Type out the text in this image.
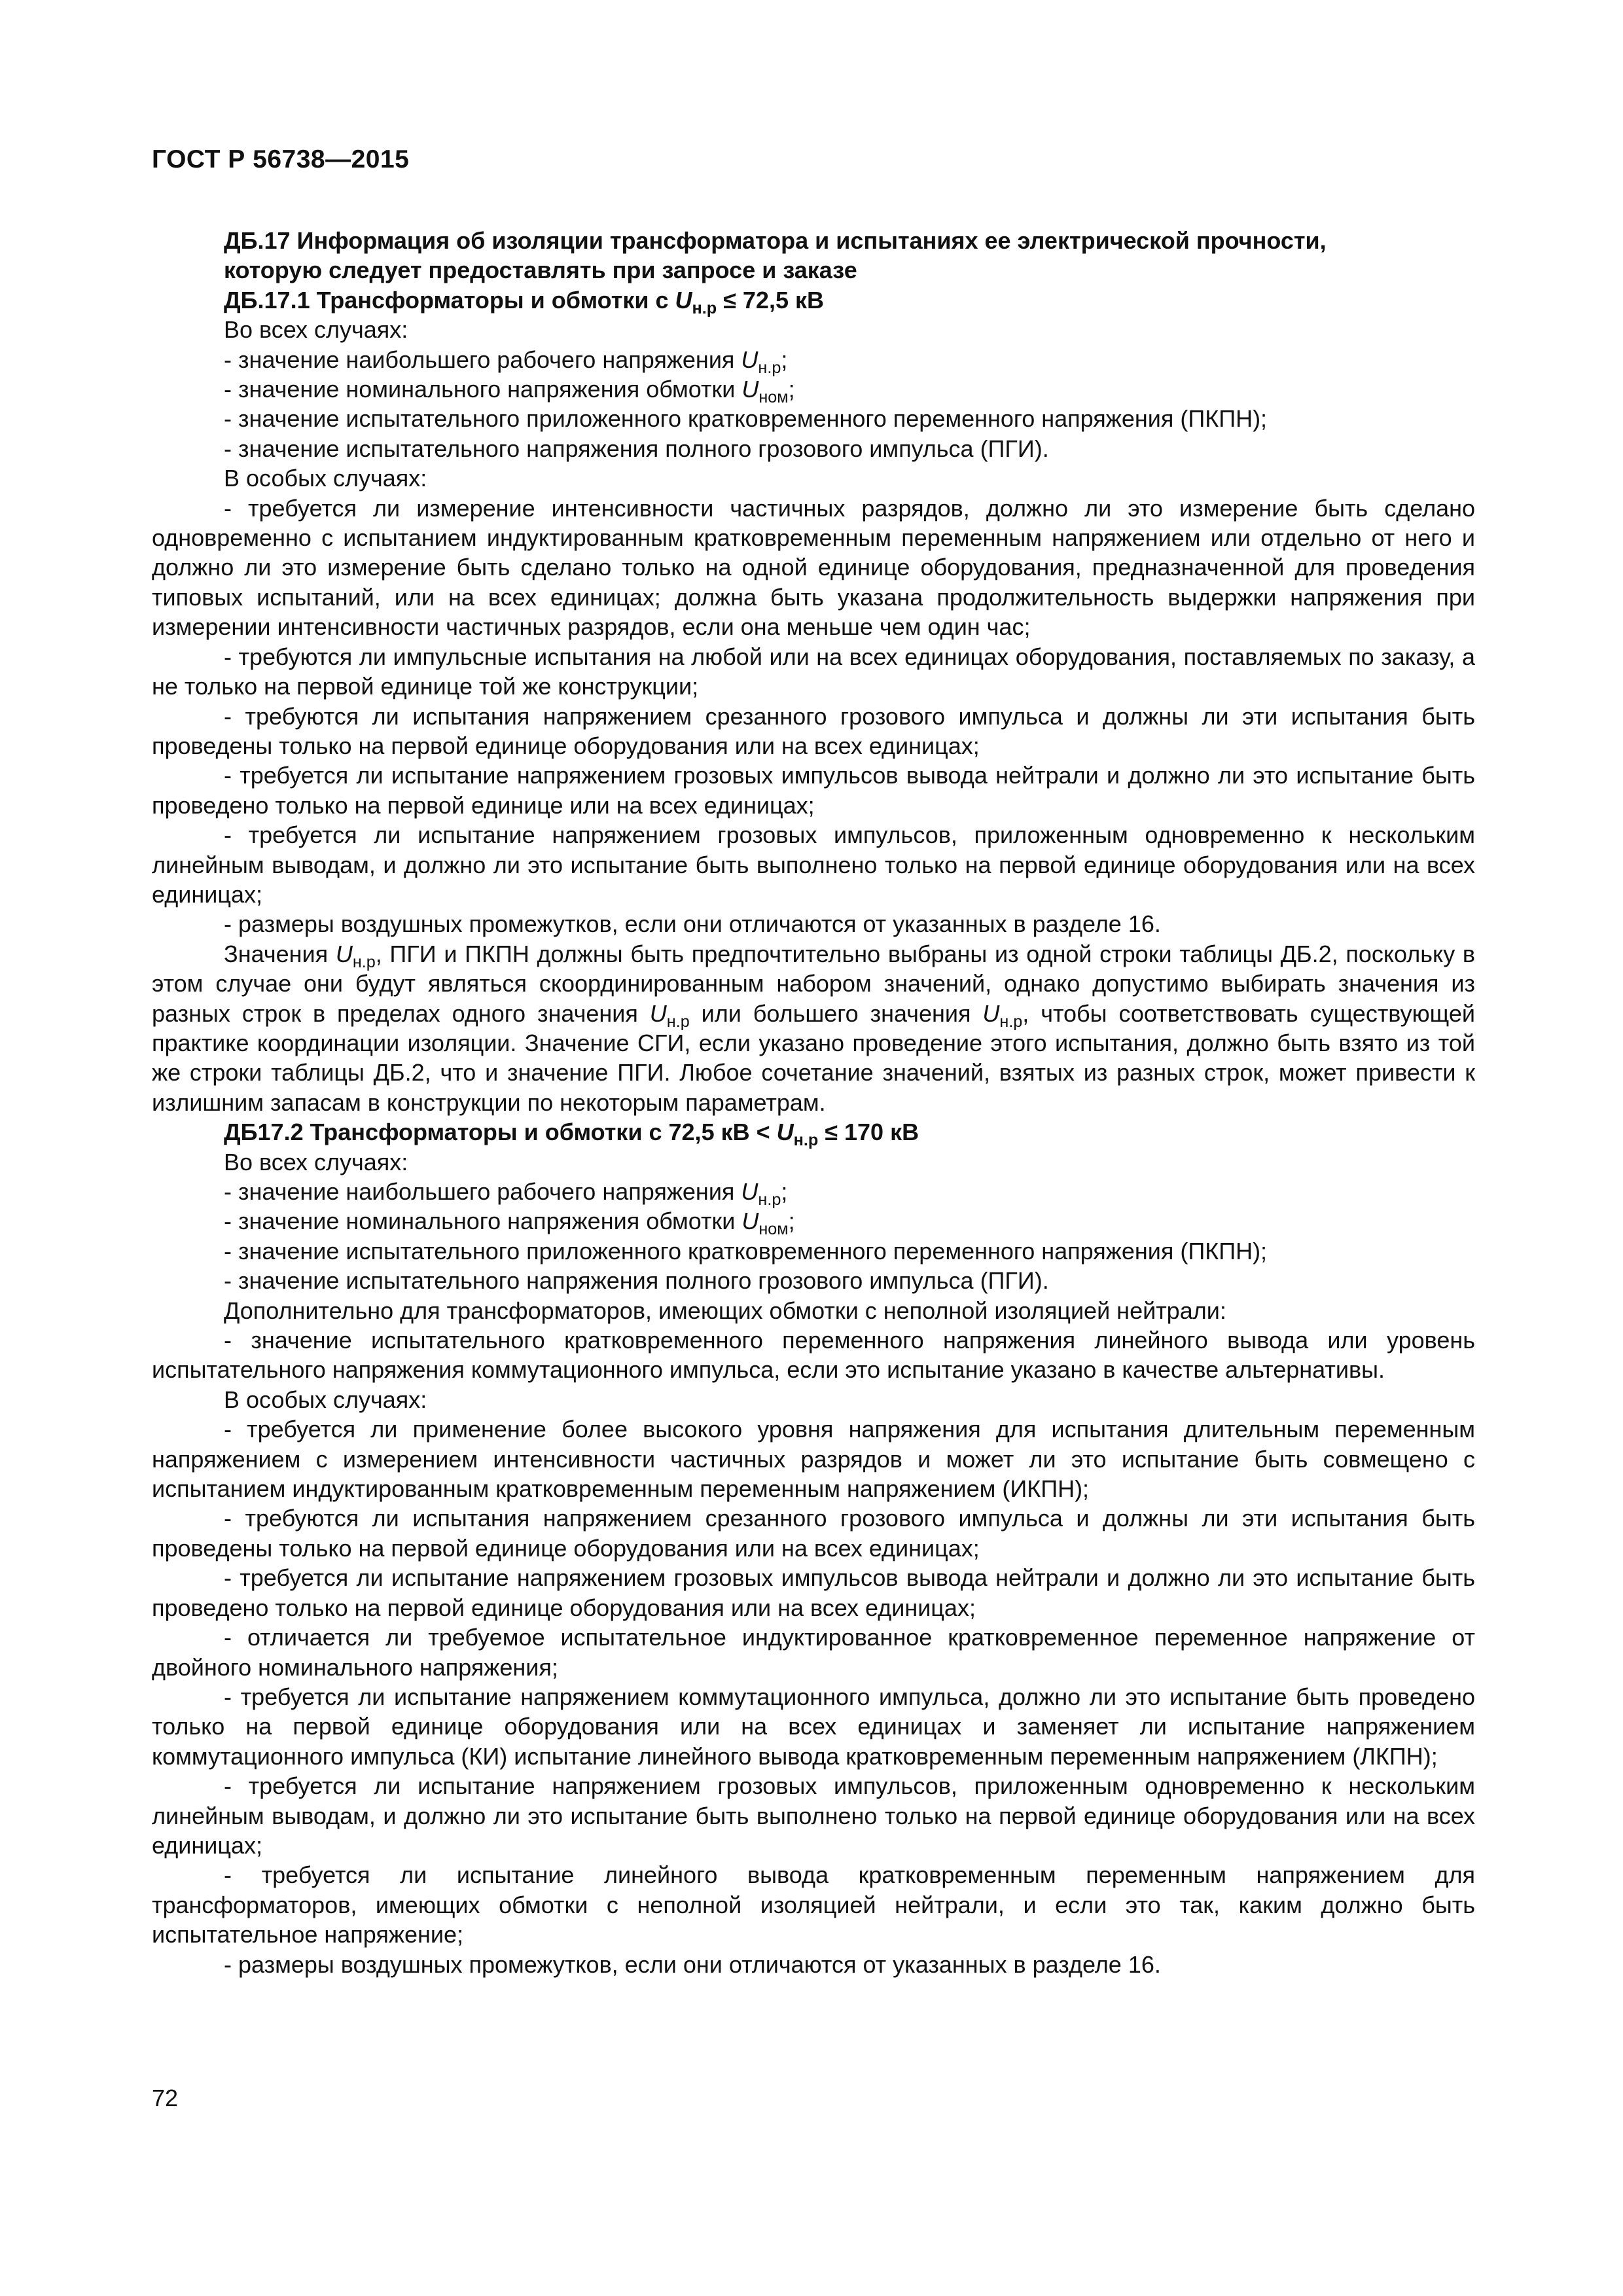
ГОСТ Р 56738—2015

ДБ.17 Информация об изоляции трансформатора и испытаниях ее электрической прочности,
которую следует предоставлять при запросе и заказе

ДБ.17.1 Трансформаторы и обмотки с $U_{н.р} \le 72,5$ кВ

Во всех случаях:

- значение наибольшего рабочего напряжения $U_{н.р}$;

- значение номинального напряжения обмотки $U_{ном}$;

- значение испытательного приложенного кратковременного переменного напряжения (ПКПН);

- значение испытательного напряжения полного грозового импульса (ПГИ).

В особых случаях:

- требуется ли измерение интенсивности частичных разрядов, должно ли это измерение быть сделано одновременно с испытанием индуктированным кратковременным переменным напряжением или отдельно от него и должно ли это измерение быть сделано только на одной единице оборудования, предназначенной для проведения типовых испытаний, или на всех единицах; должна быть указана продолжительность выдержки напряжения при измерении интенсивности частичных разрядов, если она меньше чем один час;

- требуются ли импульсные испытания на любой или на всех единицах оборудования, поставляемых по заказу, а не только на первой единице той же конструкции;

- требуются ли испытания напряжением срезанного грозового импульса и должны ли эти испытания быть проведены только на первой единице оборудования или на всех единицах;

- требуется ли испытание напряжением грозовых импульсов вывода нейтрали и должно ли это испытание быть проведено только на первой единице или на всех единицах;

- требуется ли испытание напряжением грозовых импульсов, приложенным одновременно к нескольким линейным выводам, и должно ли это испытание быть выполнено только на первой единице оборудования или на всех единицах;

- размеры воздушных промежутков, если они отличаются от указанных в разделе 16.

Значения $U_{н.р}$, ПГИ и ПКПН должны быть предпочтительно выбраны из одной строки таблицы ДБ.2, поскольку в этом случае они будут являться скоординированным набором значений, однако допустимо выбирать значения из разных строк в пределах одного значения $U_{н.р}$ или большего значения $U_{н.р}$, чтобы соответствовать существующей практике координации изоляции. Значение СГИ, если указано проведение этого испытания, должно быть взято из той же строки таблицы ДБ.2, что и значение ПГИ. Любое сочетание значений, взятых из разных строк, может привести к излишним запасам в конструкции по некоторым параметрам.

ДБ17.2 Трансформаторы и обмотки с 72,5 кВ < $U_{н.р} \le 170$ кВ

Во всех случаях:

- значение наибольшего рабочего напряжения $U_{н.р}$;

- значение номинального напряжения обмотки $U_{ном}$;

- значение испытательного приложенного кратковременного переменного напряжения (ПКПН);

- значение испытательного напряжения полного грозового импульса (ПГИ).

Дополнительно для трансформаторов, имеющих обмотки с неполной изоляцией нейтрали:

- значение испытательного кратковременного переменного напряжения линейного вывода или уровень испытательного напряжения коммутационного импульса, если это испытание указано в качестве альтернативы.

В особых случаях:

- требуется ли применение более высокого уровня напряжения для испытания длительным переменным напряжением с измерением интенсивности частичных разрядов и может ли это испытание быть совмещено с испытанием индуктированным кратковременным переменным напряжением (ИКПН);

- требуются ли испытания напряжением срезанного грозового импульса и должны ли эти испытания быть проведены только на первой единице оборудования или на всех единицах;

- требуется ли испытание напряжением грозовых импульсов вывода нейтрали и должно ли это испытание быть проведено только на первой единице оборудования или на всех единицах;

- отличается ли требуемое испытательное индуктированное кратковременное переменное напряжение от двойного номинального напряжения;

- требуется ли испытание напряжением коммутационного импульса, должно ли это испытание быть проведено только на первой единице оборудования или на всех единицах и заменяет ли испытание напряжением коммутационного импульса (КИ) испытание линейного вывода кратковременным переменным напряжением (ЛКПН);

- требуется ли испытание напряжением грозовых импульсов, приложенным одновременно к нескольким линейным выводам, и должно ли это испытание быть выполнено только на первой единице оборудования или на всех единицах;

- требуется ли испытание линейного вывода кратковременным переменным напряжением для трансформаторов, имеющих обмотки с неполной изоляцией нейтрали, и если это так, каким должно быть испытательное напряжение;

- размеры воздушных промежутков, если они отличаются от указанных в разделе 16.

72
